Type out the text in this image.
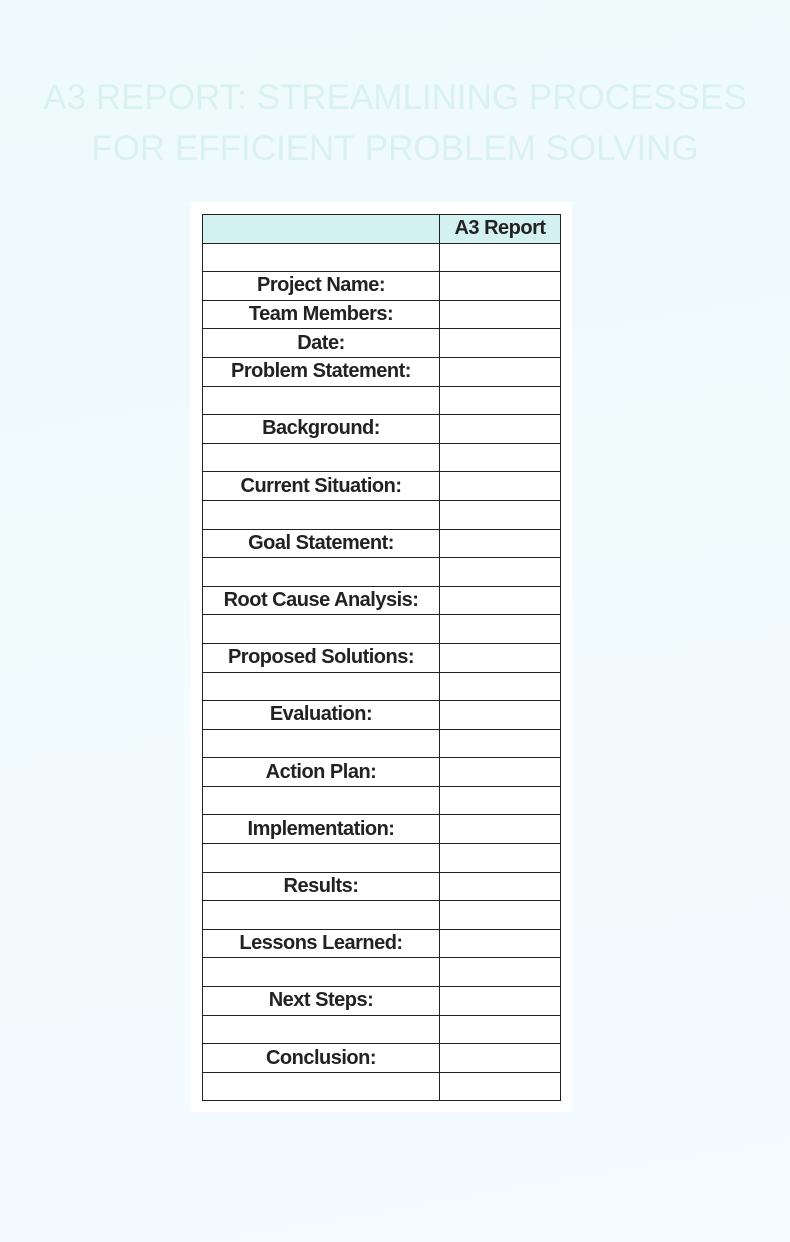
A3 REPORT: STREAMLINING PROCESSES
FOR EFFICIENT PROBLEM SOLVING
	A3 Report

Project Name:	
Team Members:	
Date:	
Problem Statement:	

Background:	

Current Situation:	

Goal Statement:	

Root Cause Analysis:	

Proposed Solutions:	

Evaluation:	

Action Plan:	

Implementation:	

Results:	

Lessons Learned:	

Next Steps:	

Conclusion:	
